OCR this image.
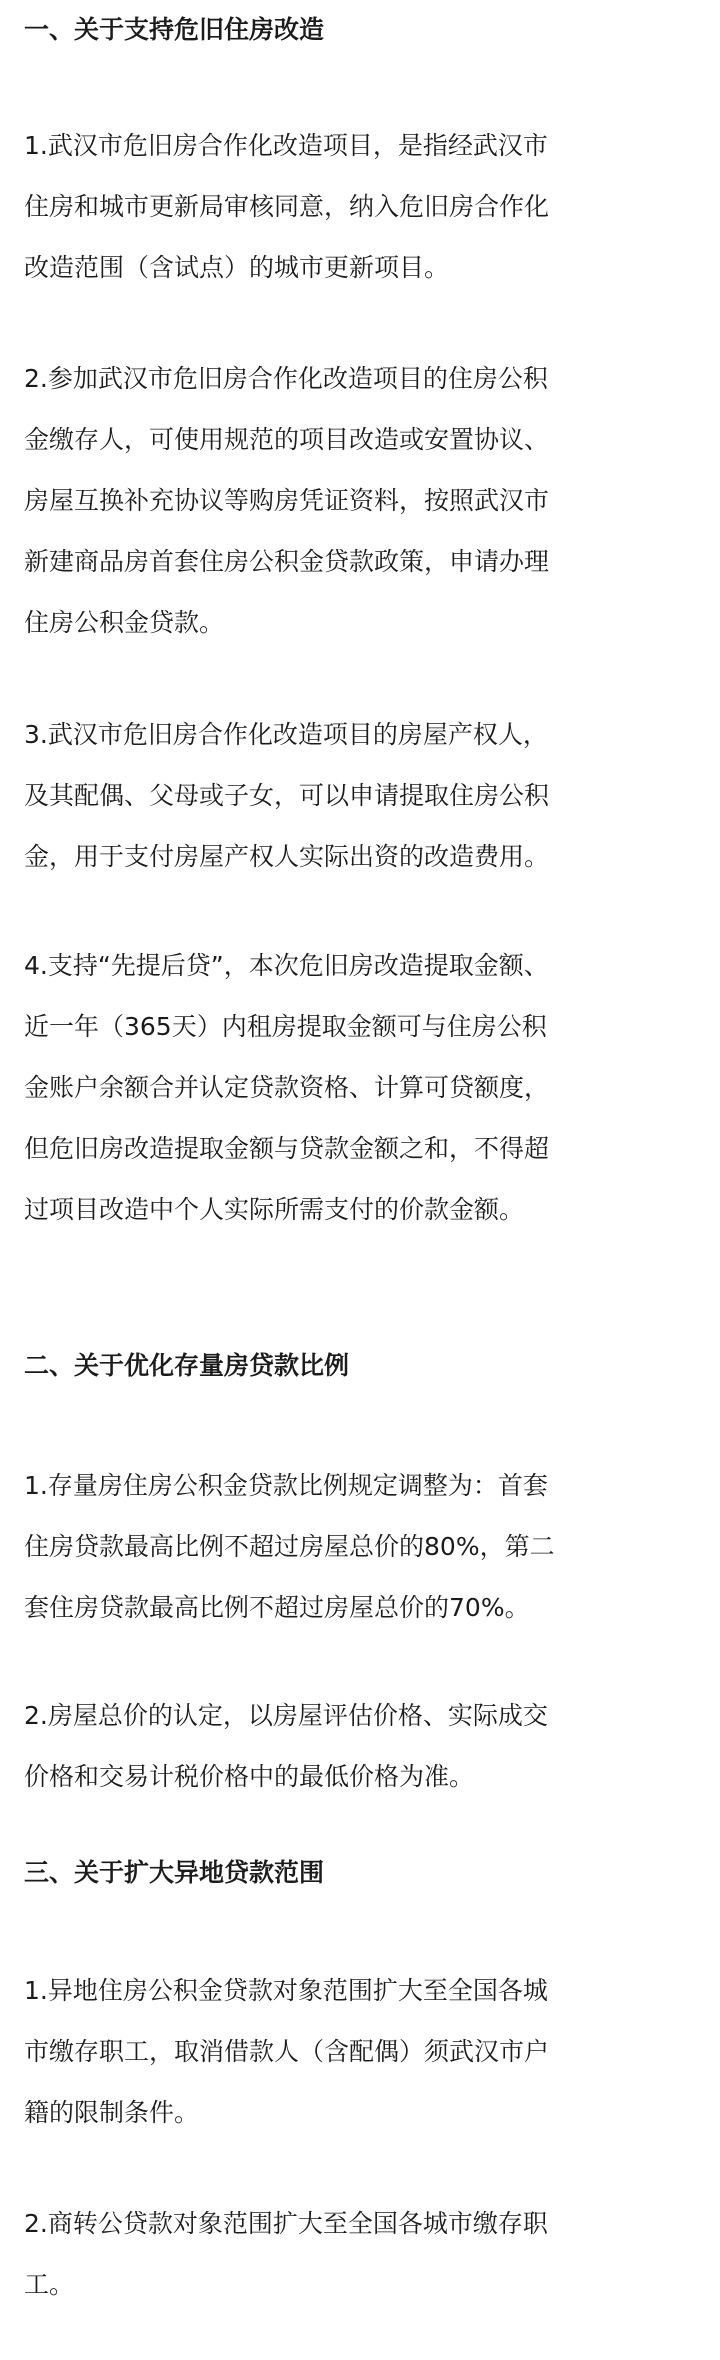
一、关于支持危旧住房改造
1.武汉市危旧房合作化改造项目，是指经武汉市
住房和城市更新局审核同意，纳入危旧房合作化
改造范围（含试点）的城市更新项目。
2.参加武汉市危旧房合作化改造项目的住房公积
金缴存人，可使用规范的项目改造或安置协议、
房屋互换补充协议等购房凭证资料，按照武汉市
新建商品房首套住房公积金贷款政策，申请办理
住房公积金贷款。
3.武汉市危旧房合作化改造项目的房屋产权人，
及其配偶、父母或子女，可以申请提取住房公积
金，用于支付房屋产权人实际出资的改造费用。
4.支持“先提后贷”，本次危旧房改造提取金额、
近一年（365天）内租房提取金额可与住房公积
金账户余额合并认定贷款资格、计算可贷额度，
但危旧房改造提取金额与贷款金额之和，不得超
过项目改造中个人实际所需支付的价款金额。
二、关于优化存量房贷款比例
1.存量房住房公积金贷款比例规定调整为：首套
住房贷款最高比例不超过房屋总价的80%，第二
套住房贷款最高比例不超过房屋总价的70%。
2.房屋总价的认定，以房屋评估价格、实际成交
价格和交易计税价格中的最低价格为准。
三、关于扩大异地贷款范围
1.异地住房公积金贷款对象范围扩大至全国各城
市缴存职工，取消借款人（含配偶）须武汉市户
籍的限制条件。
2.商转公贷款对象范围扩大至全国各城市缴存职
工。
